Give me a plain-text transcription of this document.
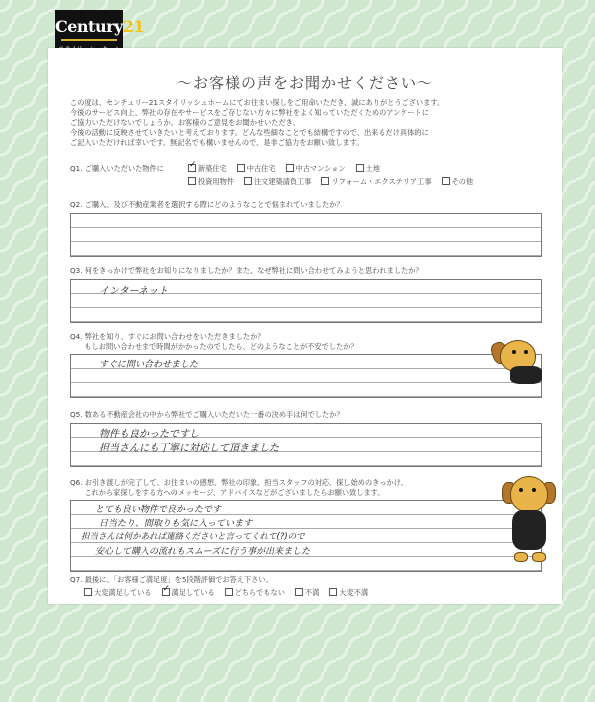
Century21
～お客様の声をお聞かせください～
この度は、センチュリー21スタイリッシュホームにてお住まい探しをご用命いただき、誠にありがとうございます。
今後のサービス向上、弊社の存在やサービスをご存じない方々に弊社をよく知っていただくためのアンケートに
ご協力いただけないでしょうか。お客様のご意見をお聞かせいただき、
今後の活動に反映させていきたいと考えております。どんな些細なことでも結構ですので、出来るだけ具体的に
ご記入いただければ幸いです。無記名でも構いませんので、是非ご協力をお願い致します。
Q1. ご購入いただいた物件に ✓	新築住宅	中古住宅	中古マンション	土地
投資用物件	注文建築請負工事	リフォーム・エクステリア工事	その他
Q2. ご購入、及び不動産業者を選択する際にどのようなことで悩まれていましたか？
Q3. 何をきっかけで弊社をお知りになりましたか？また、なぜ弊社に問い合わせてみようと思われましたか？
インターネット
Q4. 弊社を知り、すぐにお問い合わせをいただきましたか？
　　もしお問い合わせまで時間がかかったのでしたら、どのようなことが不安でしたか？
すぐに問い合わせました
Q5. 数ある不動産会社の中から弊社でご購入いただいた一番の決め手は何でしたか？
物件も良かったですし
担当さんにも丁寧に対応して頂きました
Q6. お引き渡しが完了して、お住まいの感想、弊社の印象、担当スタッフの対応、探し始めのきっかけ、
　　これから家探しをする方へのメッセージ、アドバイスなどがございましたらお願い致します。
とても良い物件で良かったです
日当たり、間取りも気に入っています
担当さんは何かあれば連絡くださいと言ってくれて(?)ので
安心して購入の流れもスムーズに行う事が出来ました
Q7. 最後に、「お客様ご満足度」を5段階評価でお答え下さい。
大変満足している ✓	満足している	どちらでもない	不満	大変不満
